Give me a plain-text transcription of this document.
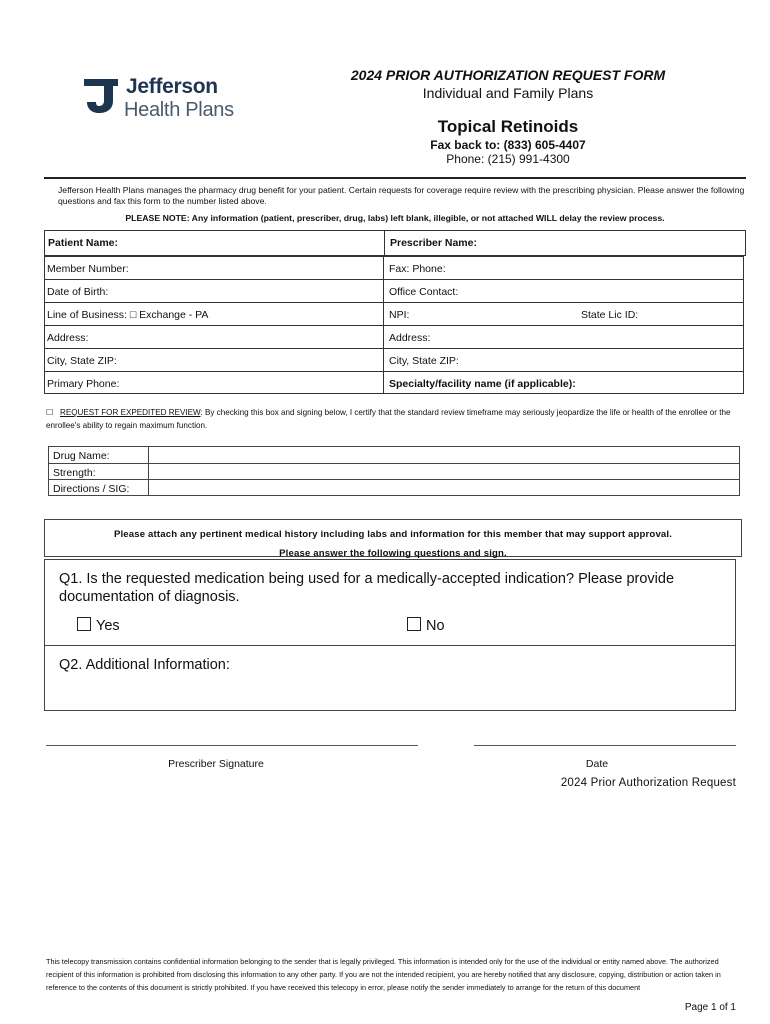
Jefferson
Health Plans
2024 PRIOR AUTHORIZATION REQUEST FORM
Individual and Family Plans
Topical Retinoids
Fax back to: (833) 605-4407
Phone: (215) 991-4300
Jefferson Health Plans manages the pharmacy drug benefit for your patient. Certain requests for coverage require review with the prescribing physician. Please answer the following questions and fax this form to the number listed above.
PLEASE NOTE: Any information (patient, prescriber, drug, labs) left blank, illegible, or not attached WILL delay the review process.
Patient Name:	Prescriber Name:
Member Number:	Fax: Phone:
Date of Birth:	Office Contact:
Line of Business: □ Exchange - PA	NPI:	State Lic ID:
Address:	Address:
City, State ZIP:	City, State ZIP:
Primary Phone:	Specialty/facility name (if applicable):
☐ REQUEST FOR EXPEDITED REVIEW: By checking this box and signing below, I certify that the standard review timeframe may seriously jeopardize the life or health of the enrollee or the enrollee's ability to regain maximum function.
Drug Name:
Strength:
Directions / SIG:
Please attach any pertinent medical history including labs and information for this member that may support approval.
Please answer the following questions and sign.
Q1. Is the requested medication being used for a medically-accepted indication? Please provide documentation of diagnosis.
Yes	No
Q2. Additional Information:
Prescriber Signature	Date
2024 Prior Authorization Request
This telecopy transmission contains confidential information belonging to the sender that is legally privileged. This information is intended only for the use of the individual or entity named above. The authorized recipient of this information is prohibited from disclosing this information to any other party. If you are not the intended recipient, you are hereby notified that any disclosure, copying, distribution or action taken in reference to the contents of this document is strictly prohibited. If you have received this telecopy in error, please notify the sender immediately to arrange for the return of this document
Page 1 of 1
